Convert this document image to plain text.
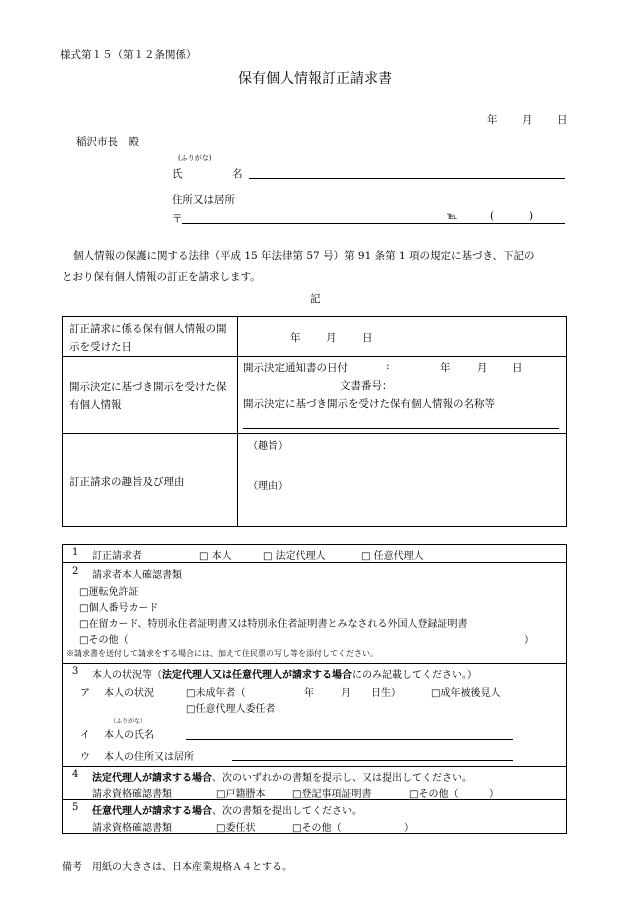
様式第１５（第１２条関係）
保有個人情報訂正請求書
年 月 日
稲沢市長　殿
(ふりがな)
氏	名
住所又は居所
〒	℡	(	)
個人情報の保護に関する法律（平成 15 年法律第 57 号）第 91 条第 1 項の規定に基づき、下記の
とおり保有個人情報の訂正を請求します。
記
訂正請求に係る保有個人情報の開示を受けた日
年 月 日
開示決定に基づき開示を受けた保有個人情報
開示決定通知書の日付	:	年	月 日
文書番号：
開示決定に基づき開示を受けた保有個人情報の名称等
訂正請求の趣旨及び理由
（趣旨）
（理由）
1 訂正請求者	□ 本人	□ 法定代理人	□ 任意代理人
2 請求者本人確認書類
□運転免許証
□個人番号カード
□在留カード、特別永住者証明書又は特別永住者証明書とみなされる外国人登録証明書
□その他（	）
※請求書を送付して請求をする場合には、加えて住民票の写し等を添付してください。
3 本人の状況等（法定代理人又は任意代理人が請求する場合にのみ記載してください。）
ア 本人の状況	□未成年者（	年	月 日生）	□成年被後見人
□任意代理人委任者
（ふりがな）
イ 本人の氏名
ウ 本人の住所又は居所
4 法定代理人が請求する場合、次のいずれかの書類を提示し、又は提出してください。
請求資格確認書類	□戸籍謄本	□登記事項証明書	□その他（	）
5 任意代理人が請求する場合、次の書類を提出してください。
請求資格確認書類	□委任状	□その他（	）
備考　用紙の大きさは、日本産業規格Ａ４とする。
